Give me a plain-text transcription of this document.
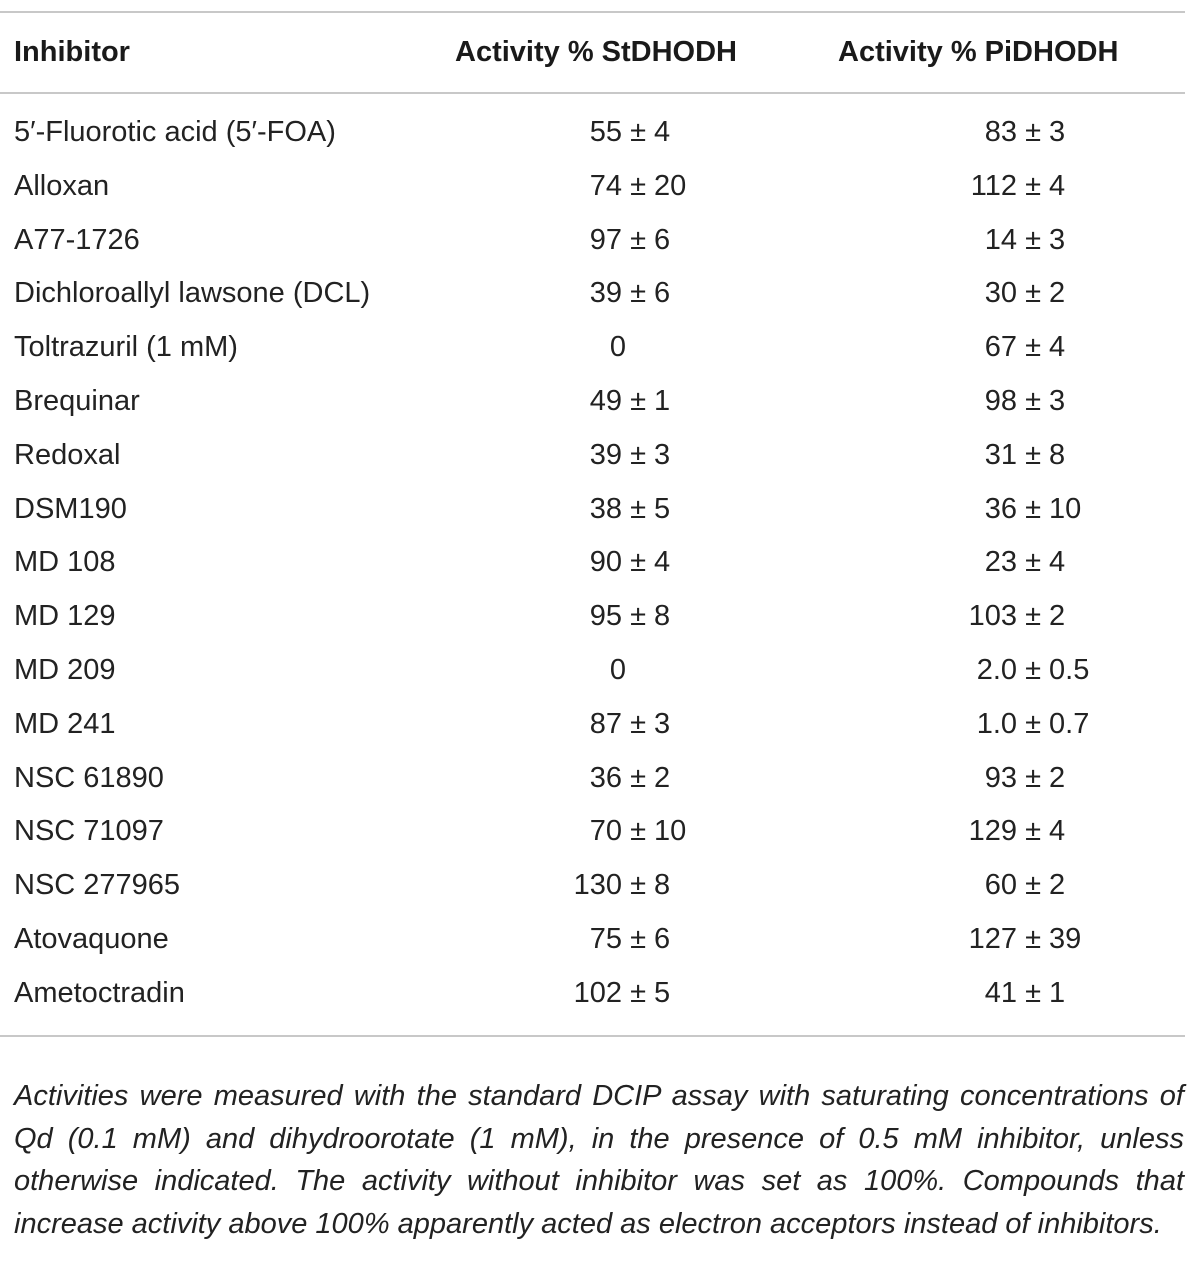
Inhibitor	Activity % StDHODH	Activity % PiDHODH
5′-Fluorotic acid (5′-FOA)	55 ± 4	83 ± 3
Alloxan	74 ± 20	112 ± 4
A77-1726	97 ± 6	14 ± 3
Dichloroallyl lawsone (DCL)	39 ± 6	30 ± 2
Toltrazuril (1 mM)	0	67 ± 4
Brequinar	49 ± 1	98 ± 3
Redoxal	39 ± 3	31 ± 8
DSM190	38 ± 5	36 ± 10
MD 108	90 ± 4	23 ± 4
MD 129	95 ± 8	103 ± 2
MD 209	0	2.0 ± 0.5
MD 241	87 ± 3	1.0 ± 0.7
NSC 61890	36 ± 2	93 ± 2
NSC 71097	70 ± 10	129 ± 4
NSC 277965	130 ± 8	60 ± 2
Atovaquone	75 ± 6	127 ± 39
Ametoctradin	102 ± 5	41 ± 1

Activities were measured with the standard DCIP assay with saturating concentrations of Qd (0.1 mM) and dihydroorotate (1 mM), in the presence of 0.5 mM inhibitor, unless otherwise indicated. The activity without inhibitor was set as 100%. Compounds that increase activity above 100% apparently acted as electron acceptors instead of inhibitors.
